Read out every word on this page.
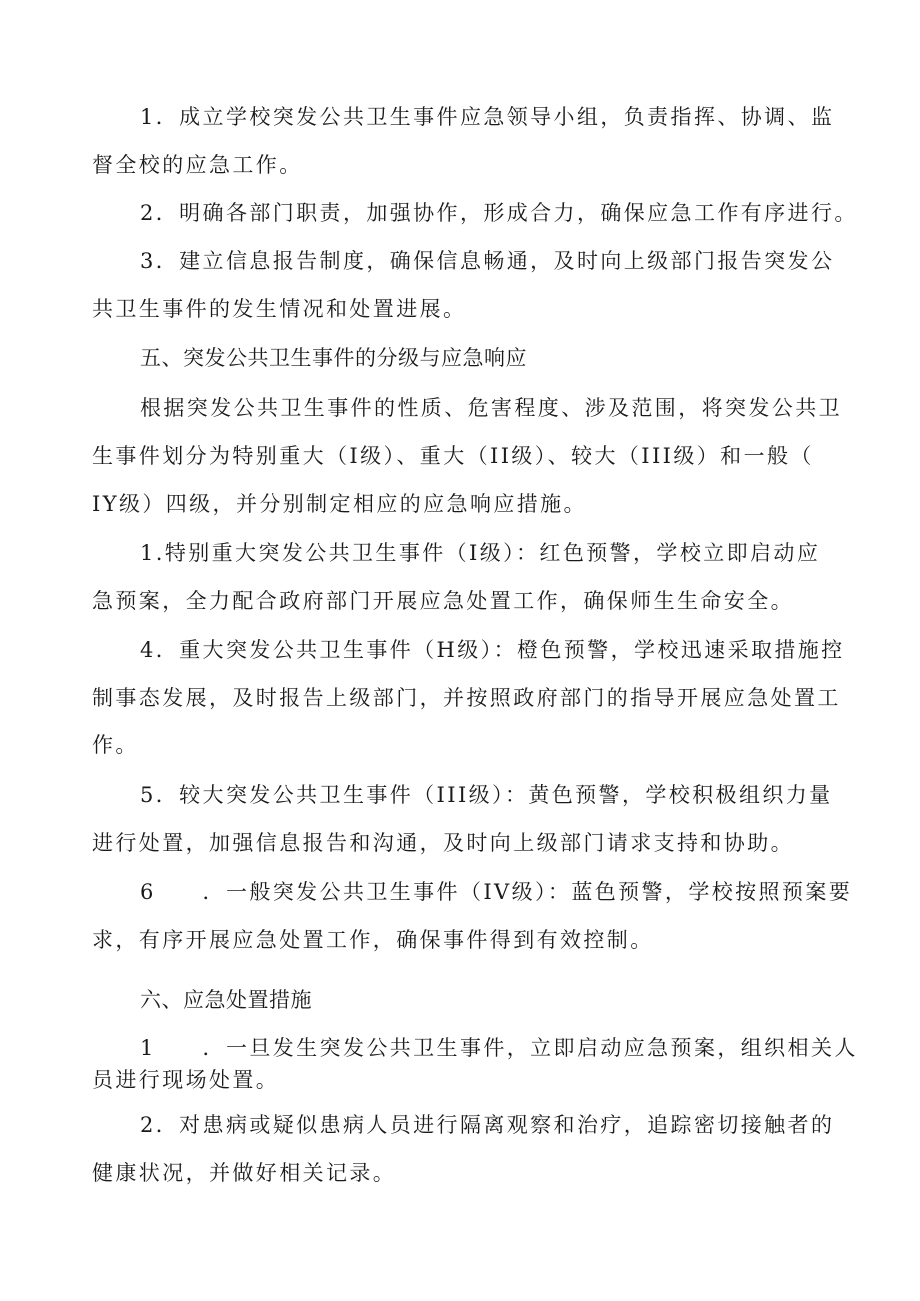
1．成立学校突发公共卫生事件应急领导小组，负责指挥、协调、监
督全校的应急工作。
2．明确各部门职责，加强协作，形成合力，确保应急工作有序进行。
3．建立信息报告制度，确保信息畅通，及时向上级部门报告突发公
共卫生事件的发生情况和处置进展。
五、突发公共卫生事件的分级与应急响应
根据突发公共卫生事件的性质、危害程度、涉及范围，将突发公共卫
生事件划分为特别重大（I级）、重大（II级）、较大（III级）和一般（
IY级）四级，并分别制定相应的应急响应措施。
1.特别重大突发公共卫生事件（I级）：红色预警，学校立即启动应
急预案，全力配合政府部门开展应急处置工作，确保师生生命安全。
4．重大突发公共卫生事件（H级）：橙色预警，学校迅速采取措施控
制事态发展，及时报告上级部门，并按照政府部门的指导开展应急处置工
作。
5．较大突发公共卫生事件（III级）：黄色预警，学校积极组织力量
进行处置，加强信息报告和沟通，及时向上级部门请求支持和协助。
6　　．一般突发公共卫生事件（IV级）：蓝色预警，学校按照预案要
求，有序开展应急处置工作，确保事件得到有效控制。
六、应急处置措施
1　　．一旦发生突发公共卫生事件，立即启动应急预案，组织相关人
员进行现场处置。
2．对患病或疑似患病人员进行隔离观察和治疗，追踪密切接触者的
健康状况，并做好相关记录。
